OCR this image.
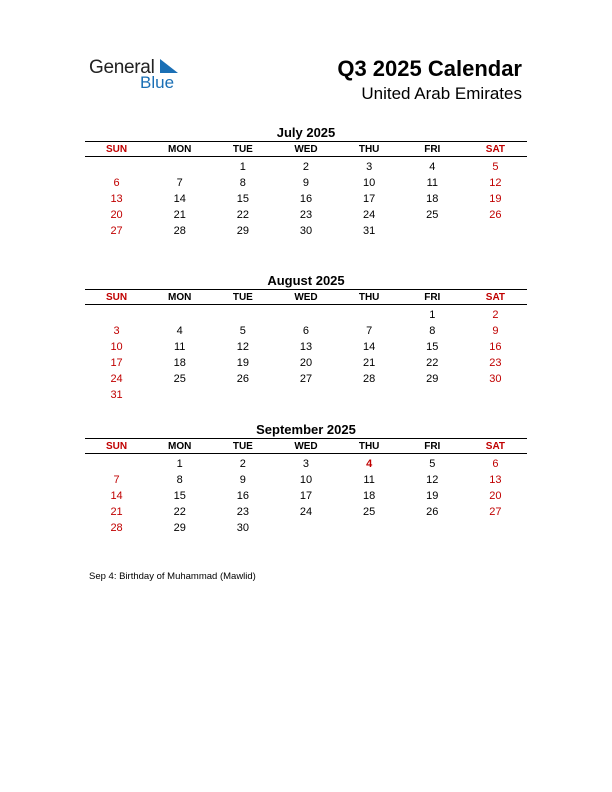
General
Blue
Q3 2025 Calendar
United Arab Emirates
July 2025
SUN	MON	TUE	WED	THU	FRI	SAT

		1	2	3	4	5
6	7	8	9	10	11	12
13	14	15	16	17	18	19
20	21	22	23	24	25	26
27	28	29	30	31		
August 2025
SUN	MON	TUE	WED	THU	FRI	SAT

					1	2
3	4	5	6	7	8	9
10	11	12	13	14	15	16
17	18	19	20	21	22	23
24	25	26	27	28	29	30
31						
September 2025
SUN	MON	TUE	WED	THU	FRI	SAT

	1	2	3	4	5	6
7	8	9	10	11	12	13
14	15	16	17	18	19	20
21	22	23	24	25	26	27
28	29	30				
Sep 4: Birthday of Muhammad (Mawlid)
